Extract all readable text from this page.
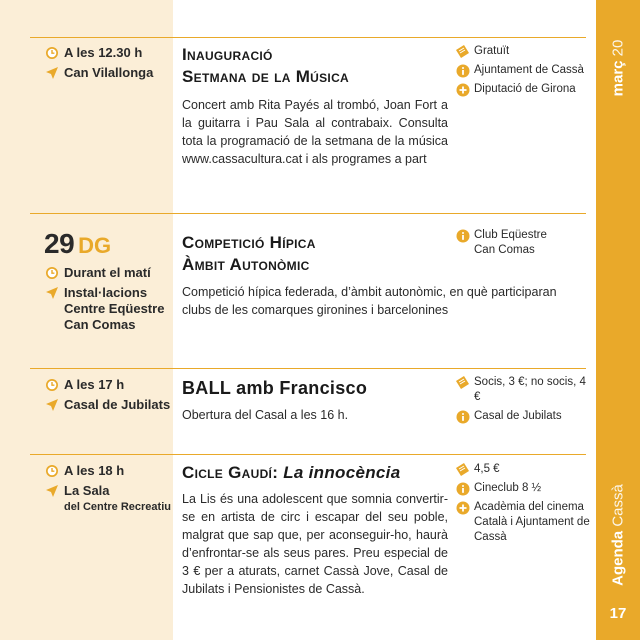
març 20
Agenda Cassà
17
A les 12.30 h
Can Vilallonga
Inauguració
Setmana de la Música
Concert amb Rita Payés al trombó, Joan Fort a la guitarra i Pau Sala al contrabaix. Consulta tota la programació de la setmana de la música www.cassacultura.cat i als programes a part
Gratuït
Ajuntament de Cassà
Diputació de Girona
29 DG
Durant el matí
Instal·lacions Centre Eqüestre Can Comas
Competició Hípica
Àmbit Autonòmic
Competició hípica federada, d’àmbit autonòmic, en què participaran clubs de les comarques gironines i barcelonines
Club Eqüestre
Can Comas
A les 17 h
Casal de Jubilats
BALL amb Francisco
Obertura del Casal a les 16 h.
Socis, 3 €; no socis, 4 €
Casal de Jubilats
A les 18 h
La Sala
del Centre Recreatiu
Cicle Gaudí: La innocència
La Lis és una adolescent que somnia convertir-se en artista de circ i escapar del seu poble, malgrat que sap que, per aconseguir-ho, haurà d’enfrontar-se als seus pares. Preu especial de 3 € per a aturats, carnet Cassà Jove, Casal de Jubilats i Pensionistes de Cassà.
4,5 €
Cineclub 8 ½
Acadèmia del cinema Català i Ajuntament de Cassà
